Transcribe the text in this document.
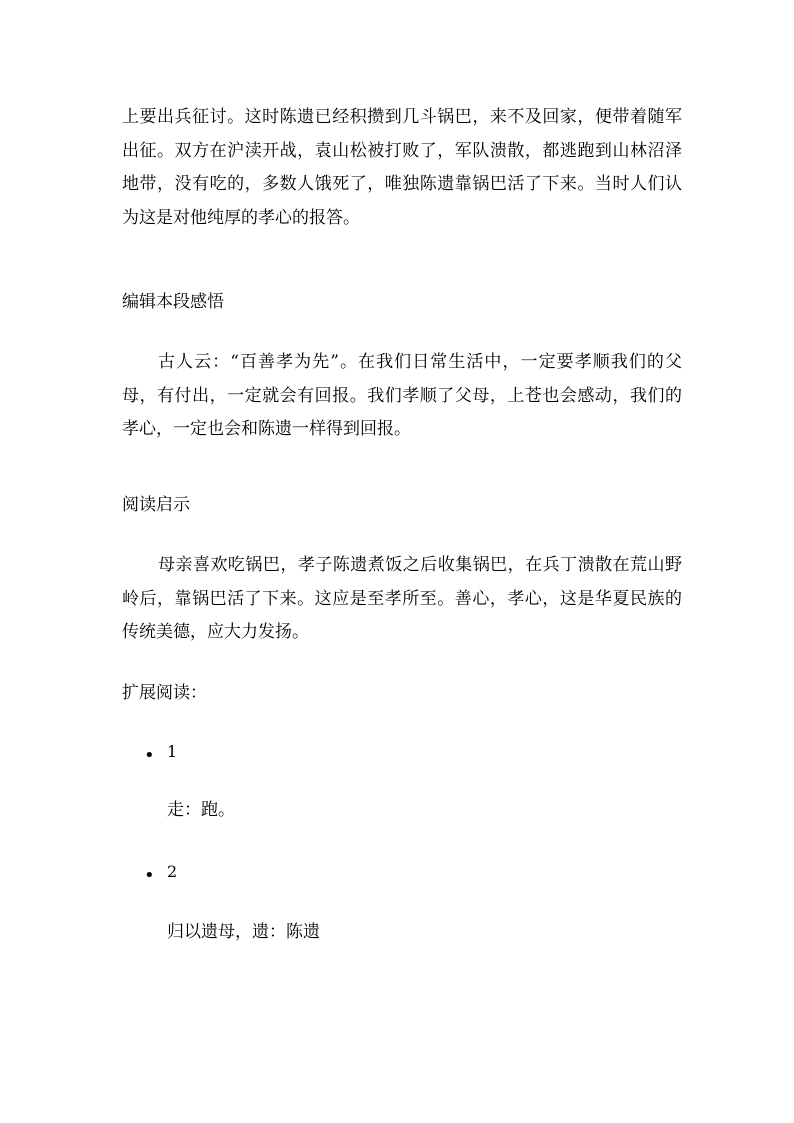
上要出兵征讨。这时陈遗已经积攒到几斗锅巴，来不及回家，便带着随军出征。双方在沪渎开战，袁山松被打败了，军队溃散，都逃跑到山林沼泽地带，没有吃的，多数人饿死了，唯独陈遗靠锅巴活了下来。当时人们认为这是对他纯厚的孝心的报答。

编辑本段感悟

古人云：“百善孝为先”。在我们日常生活中，一定要孝顺我们的父母，有付出，一定就会有回报。我们孝顺了父母，上苍也会感动，我们的孝心，一定也会和陈遗一样得到回报。

阅读启示

母亲喜欢吃锅巴，孝子陈遗煮饭之后收集锅巴，在兵丁溃散在荒山野岭后，靠锅巴活了下来。这应是至孝所至。善心，孝心，这是华夏民族的传统美德，应大力发扬。

扩展阅读：
• 1
走：跑。
• 2
归以遗母，遗：陈遗
